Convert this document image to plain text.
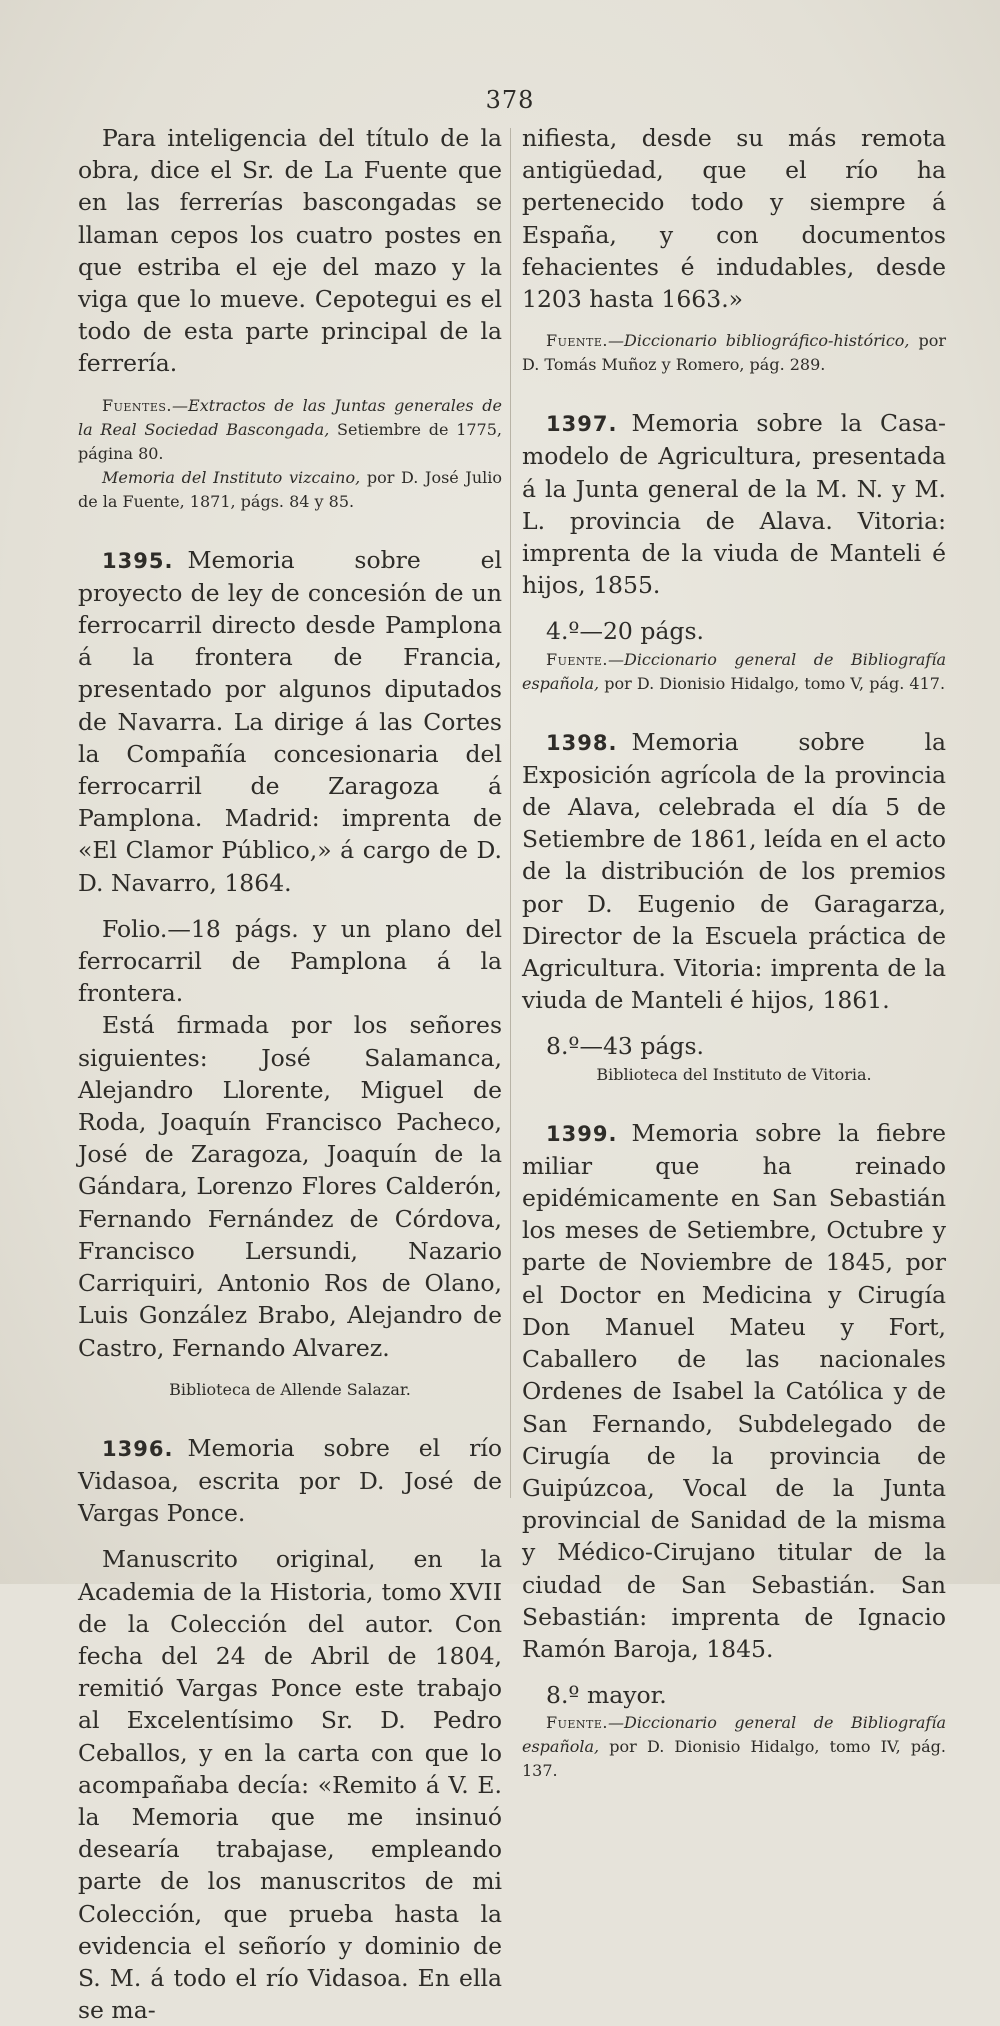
378

Para inteligencia del título de la obra, dice el Sr. de La Fuente que en las ferrerías bascongadas se llaman cepos los cuatro postes en que estriba el eje del mazo y la viga que lo mueve. Cepotegui es el todo de esta parte principal de la ferrería.

Fuentes.—Extractos de las Juntas generales de la Real Sociedad Bascongada, Setiembre de 1775, página 80.

Memoria del Instituto vizcaino, por D. José Julio de la Fuente, 1871, págs. 84 y 85.

1395. Memoria sobre el proyecto de ley de concesión de un ferrocarril directo desde Pamplona á la frontera de Francia, presentado por algunos diputados de Navarra. La dirige á las Cortes la Compañía concesionaria del ferrocarril de Zaragoza á Pamplona. Madrid: imprenta de «El Clamor Público,» á cargo de D. D. Navarro, 1864.

Folio.—18 págs. y un plano del ferrocarril de Pamplona á la frontera.

Está firmada por los señores siguientes: José Salamanca, Alejandro Llorente, Miguel de Roda, Joaquín Francisco Pacheco, José de Zaragoza, Joaquín de la Gándara, Lorenzo Flores Calderón, Fernando Fernández de Córdova, Francisco Lersundi, Nazario Carriquiri, Antonio Ros de Olano, Luis González Brabo, Alejandro de Castro, Fernando Alvarez.

Biblioteca de Allende Salazar.

1396. Memoria sobre el río Vidasoa, escrita por D. José de Vargas Ponce.

Manuscrito original, en la Academia de la Historia, tomo XVII de la Colección del autor. Con fecha del 24 de Abril de 1804, remitió Vargas Ponce este trabajo al Excelentísimo Sr. D. Pedro Ceballos, y en la carta con que lo acompañaba decía: «Remito á V. E. la Memoria que me insinuó desearía trabajase, empleando parte de los manuscritos de mi Colección, que prueba hasta la evidencia el señorío y dominio de S. M. á todo el río Vidasoa. En ella se ma-

nifiesta, desde su más remota antigüedad, que el río ha pertenecido todo y siempre á España, y con documentos fehacientes é indudables, desde 1203 hasta 1663.»

Fuente.—Diccionario bibliográfico-histórico, por D. Tomás Muñoz y Romero, pág. 289.

1397. Memoria sobre la Casa-modelo de Agricultura, presentada á la Junta general de la M. N. y M. L. provincia de Alava. Vitoria: imprenta de la viuda de Manteli é hijos, 1855.

4.º—20 págs.

Fuente.—Diccionario general de Bibliografía española, por D. Dionisio Hidalgo, tomo V, pág. 417.

1398. Memoria sobre la Exposición agrícola de la provincia de Alava, celebrada el día 5 de Setiembre de 1861, leída en el acto de la distribución de los premios por D. Eugenio de Garagarza, Director de la Escuela práctica de Agricultura. Vitoria: imprenta de la viuda de Manteli é hijos, 1861.

8.º—43 págs.

Biblioteca del Instituto de Vitoria.

1399. Memoria sobre la fiebre miliar que ha reinado epidémicamente en San Sebastián los meses de Setiembre, Octubre y parte de Noviembre de 1845, por el Doctor en Medicina y Cirugía Don Manuel Mateu y Fort, Caballero de las nacionales Ordenes de Isabel la Católica y de San Fernando, Subdelegado de Cirugía de la provincia de Guipúzcoa, Vocal de la Junta provincial de Sanidad de la misma y Médico-Cirujano titular de la ciudad de San Sebastián. San Sebastián: imprenta de Ignacio Ramón Baroja, 1845.

8.º mayor.

Fuente.—Diccionario general de Bibliografía española, por D. Dionisio Hidalgo, tomo IV, pág. 137.
